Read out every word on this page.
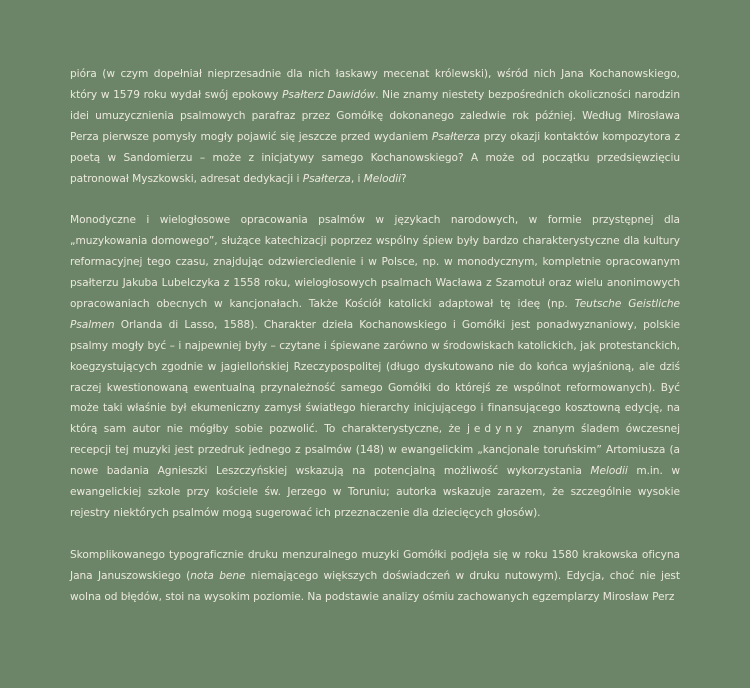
pióra (w czym dopełniał nieprzesadnie dla nich łaskawy mecenat królewski), wśród nich Jana Kochanowskiego, który w 1579 roku wydał swój epokowy Psałterz Dawidów. Nie znamy niestety bezpośrednich okoliczności narodzin idei umuzycznienia psalmowych parafraz przez Gomółkę dokonanego zaledwie rok później. Według Mirosława Perza pierwsze pomysły mogły pojawić się jeszcze przed wydaniem Psałterza przy okazji kontaktów kompozytora z poetą w Sandomierzu – może z inicjatywy samego Kochanowskiego? A może od początku przedsięwzięciu patronował Myszkowski, adresat dedykacji i Psałterza, i Melodii?

Monodyczne i wielogłosowe opracowania psalmów w językach narodowych, w formie przystępnej dla „muzykowania domowego”, służące katechizacji poprzez wspólny śpiew były bardzo charakterystyczne dla kultury reformacyjnej tego czasu, znajdując odzwierciedlenie i w Polsce, np. w monodycznym, kompletnie opracowanym psałterzu Jakuba Lubelczyka z 1558 roku, wielogłosowych psalmach Wacława z Szamotuł oraz wielu anonimowych opracowaniach obecnych w kancjonałach. Także Kościół katolicki adaptował tę ideę (np. Teutsche Geistliche Psalmen Orlanda di Lasso, 1588). Charakter dzieła Kochanowskiego i Gomółki jest ponadwyznaniowy, polskie psalmy mogły być – i najpewniej były – czytane i śpiewane zarówno w środowiskach katolickich, jak protestanckich, koegzystujących zgodnie w jagiellońskiej Rzeczypospolitej (długo dyskutowano nie do końca wyjaśnioną, ale dziś raczej kwestionowaną ewentualną przynależność samego Gomółki do którejś ze wspólnot reformowanych). Być może taki właśnie był ekumeniczny zamysł światłego hierarchy inicjującego i finansującego kosztowną edycję, na którą sam autor nie mógłby sobie pozwolić. To charakterystyczne, że jedyny znanym śladem ówczesnej recepcji tej muzyki jest przedruk jednego z psalmów (148) w ewangelickim „kancjonale toruńskim” Artomiusza (a nowe badania Agnieszki Leszczyńskiej wskazują na potencjalną możliwość wykorzystania Melodii m.in. w ewangelickiej szkole przy kościele św. Jerzego w Toruniu; autorka wskazuje zarazem, że szczególnie wysokie rejestry niektórych psalmów mogą sugerować ich przeznaczenie dla dziecięcych głosów).

Skomplikowanego typograficznie druku menzuralnego muzyki Gomółki podjęła się w roku 1580 krakowska oficyna Jana Januszowskiego (nota bene niemającego większych doświadczeń w druku nutowym). Edycja, choć nie jest wolna od błędów, stoi na wysokim poziomie. Na podstawie analizy ośmiu zachowanych egzemplarzy Mirosław Perz
